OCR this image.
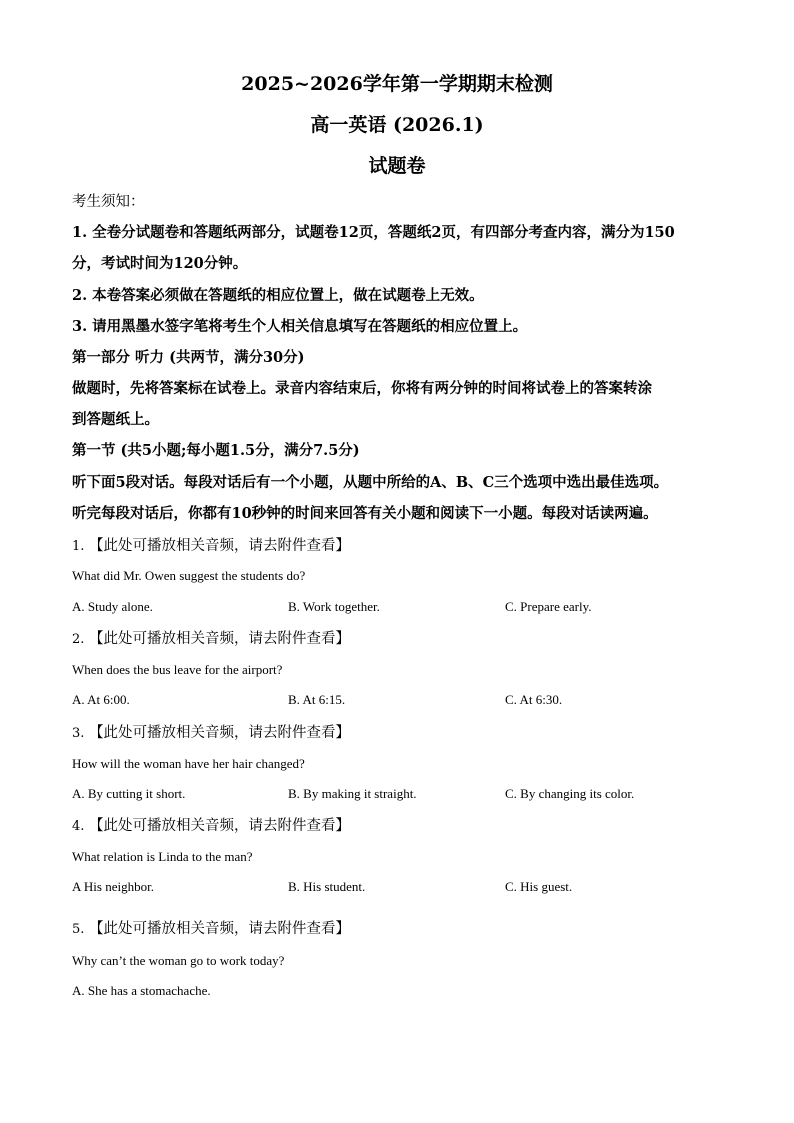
2025~2026学年第一学期期末检测
高一英语 (2026.1)
试题卷
考生须知：
1. 全卷分试题卷和答题纸两部分，试题卷12页，答题纸2页，有四部分考查内容，满分为150
分，考试时间为120分钟。
2. 本卷答案必须做在答题纸的相应位置上，做在试题卷上无效。
3. 请用黑墨水签字笔将考生个人相关信息填写在答题纸的相应位置上。
第一部分 听力 (共两节，满分30分)
做题时，先将答案标在试卷上。录音内容结束后，你将有两分钟的时间将试卷上的答案转涂
到答题纸上。
第一节 (共5小题;每小题1.5分，满分7.5分)
听下面5段对话。每段对话后有一个小题，从题中所给的A、B、C三个选项中选出最佳选项。
听完每段对话后，你都有10秒钟的时间来回答有关小题和阅读下一小题。每段对话读两遍。
1. 【此处可播放相关音频，请去附件查看】
What did Mr. Owen suggest the students do?
A. Study alone.	B. Work together.	C. Prepare early.
2. 【此处可播放相关音频，请去附件查看】
When does the bus leave for the airport?
A. At 6:00.	B. At 6:15.	C. At 6:30.
3. 【此处可播放相关音频，请去附件查看】
How will the woman have her hair changed?
A. By cutting it short.	B. By making it straight.	C. By changing its color.
4. 【此处可播放相关音频，请去附件查看】
What relation is Linda to the man?
A His neighbor.	B. His student.	C. His guest.
5. 【此处可播放相关音频，请去附件查看】
Why can’t the woman go to work today?
A. She has a stomachache.
